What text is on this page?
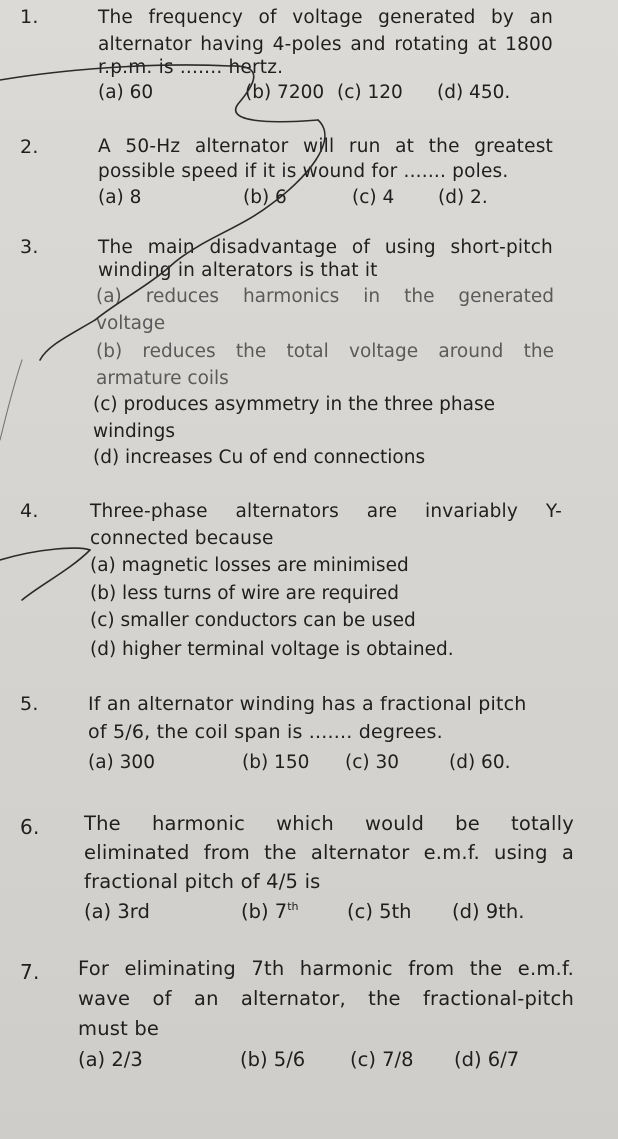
1.	The frequency of voltage generated by an
alternator having 4-poles and rotating at 1800
r.p.m. is ....... hertz.
(a) 60	(b) 7200 (c) 120 (d) 450.
2.	A 50-Hz alternator will run at the greatest
possible speed if it is wound for ....... poles.
(a) 8	(b) 6	(c) 4 (d) 2.
3.	The main disadvantage of using short-pitch
winding in alterators is that it
(a) reduces harmonics in the generated
voltage
(b) reduces the total voltage around the
armature coils
(c) produces asymmetry in the three phase
windings
(d) increases Cu of end connections
4.	Three-phase alternators are invariably Y-
connected because
(a) magnetic losses are minimised
(b) less turns of wire are required
(c) smaller conductors can be used
(d) higher terminal voltage is obtained.
5.	If an alternator winding has a fractional pitch
of 5/6, the coil span is ....... degrees.
(a) 300	(b) 150 (c) 30	(d) 60.
6. The harmonic which would be totally
eliminated from the alternator e.m.f. using a
fractional pitch of 4/5 is
(a) 3rd	(b) 7th (c) 5th (d) 9th.
7. For eliminating 7th harmonic from the e.m.f.
wave of an alternator, the fractional-pitch
must be
(a) 2/3	(b) 5/6 (c) 7/8 (d) 6/7
